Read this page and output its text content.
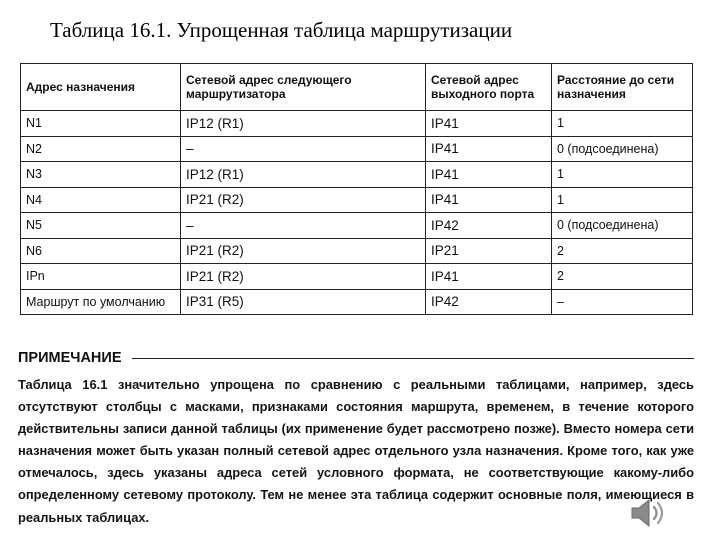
Таблица 16.1. Упрощенная таблица маршрутизации
Адрес назначения	Сетевой адрес следующего маршрутизатора	Сетевой адрес выходного порта	Расстояние до сети назначения
N1	IP12 (R1)	IP41	1
N2	–	IP41	0 (подсоединена)
N3	IP12 (R1)	IP41	1
N4	IP21 (R2)	IP41	1
N5	–	IP42	0 (подсоединена)
N6	IP21 (R2)	IP21	2
IPn	IP21 (R2)	IP41	2
Маршрут по умолчанию	IP31 (R5)	IP42	–
ПРИМЕЧАНИЕ

Таблица 16.1 значительно упрощена по сравнению с реальными таблицами, например, здесь отсутствуют столбцы с масками, признаками состояния маршрута, временем, в течение которого действительны записи данной таблицы (их применение будет рассмотрено позже). Вместо номера сети назначения может быть указан полный сетевой адрес отдельного узла назначения. Кроме того, как уже отмечалось, здесь указаны адреса сетей условного формата, не соответствующие какому-либо определенному сетевому протоколу. Тем не менее эта таблица содержит основные поля, имеющиеся в реальных таблицах.
